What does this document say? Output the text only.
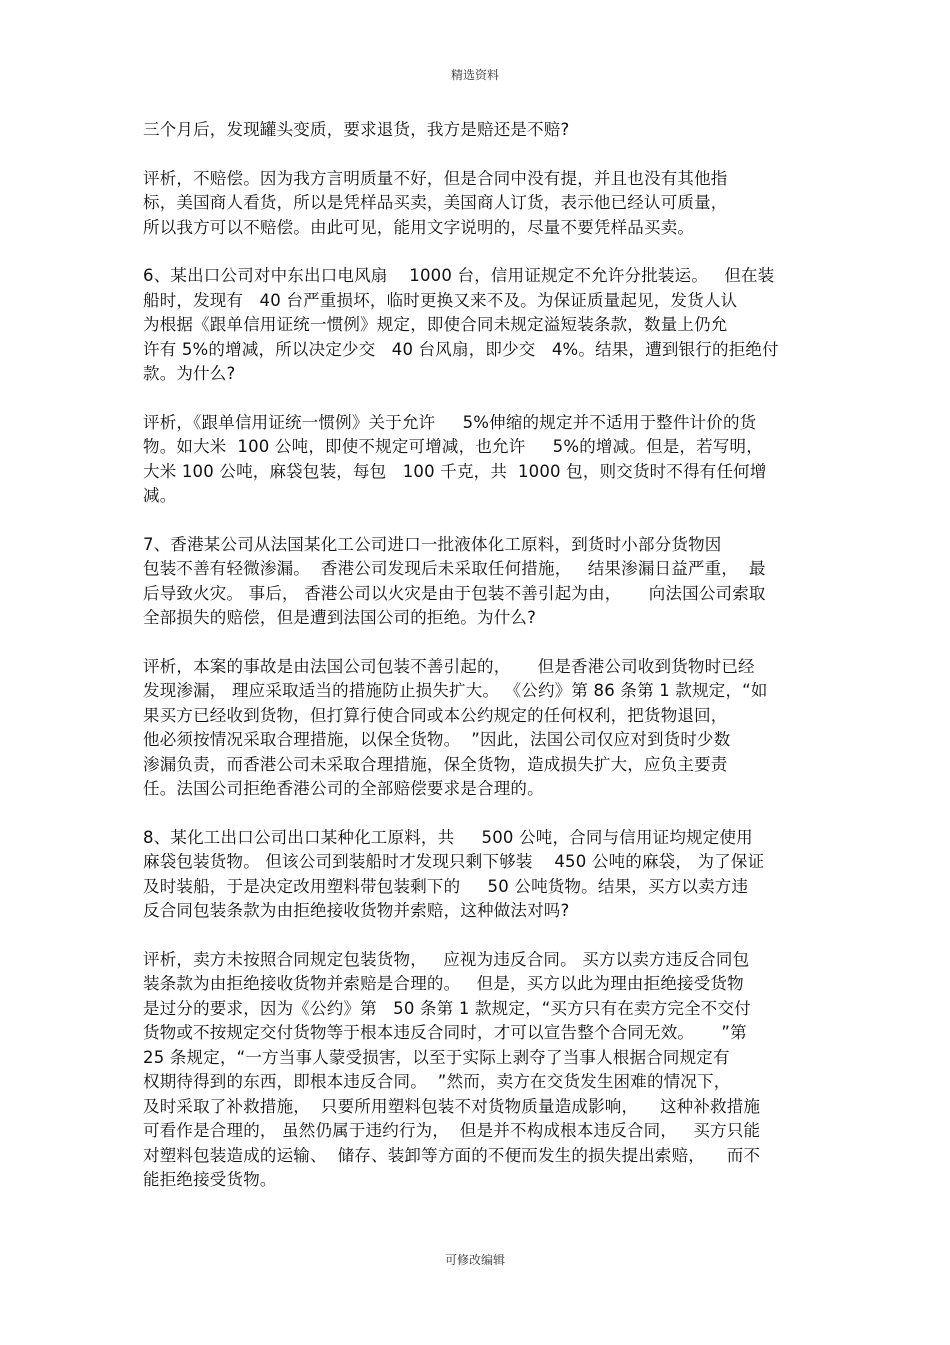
精选资料
三个月后，发现罐头变质，要求退货，我方是赔还是不赔?
评析，不赔偿。因为我方言明质量不好，但是合同中没有提，并且也没有其他指
标，美国商人看货，所以是凭样品买卖，美国商人订货，表示他已经认可质量，
所以我方可以不赔偿。由此可见，能用文字说明的，尽量不要凭样品买卖。
6、某出口公司对中东出口电风扇    1000 台，信用证规定不允许分批装运。   但在装
船时，发现有   40 台严重损坏，临时更换又来不及。为保证质量起见，发货人认
为根据《跟单信用证统一惯例》规定，即使合同未规定溢短装条款，数量上仍允
许有 5%的增减，所以决定少交   40 台风扇，即少交   4%。结果，遭到银行的拒绝付
款。为什么?
评析，《跟单信用证统一惯例》关于允许     5%伸缩的规定并不适用于整件计价的货
物。如大米  100 公吨，即使不规定可增减，也允许     5%的增减。但是，若写明，
大米 100 公吨，麻袋包装，每包   100 千克，共  1000 包，则交货时不得有任何增
减。
7、香港某公司从法国某化工公司进口一批液体化工原料，到货时小部分货物因
包装不善有轻微渗漏。  香港公司发现后未采取任何措施，   结果渗漏日益严重，  最
后导致火灾。 事后， 香港公司以火灾是由于包装不善引起为由，     向法国公司索取
全部损失的赔偿，但是遭到法国公司的拒绝。为什么?
评析，本案的事故是由法国公司包装不善引起的，     但是香港公司收到货物时已经
发现渗漏， 理应采取适当的措施防止损失扩大。 《公约》第 86 条第 1 款规定，“如
果买方已经收到货物，但打算行使合同或本公约规定的任何权利，把货物退回，
他必须按情况采取合理措施，以保全货物。  ”因此，法国公司仅应对到货时少数
渗漏负责，而香港公司未采取合理措施，保全货物，造成损失扩大，应负主要责
任。法国公司拒绝香港公司的全部赔偿要求是合理的。
8、某化工出口公司出口某种化工原料，共     500 公吨，合同与信用证均规定使用
麻袋包装货物。 但该公司到装船时才发现只剩下够装    450 公吨的麻袋， 为了保证
及时装船，于是决定改用塑料带包装剩下的     50 公吨货物。结果，买方以卖方违
反合同包装条款为由拒绝接收货物并索赔，这种做法对吗?
评析，卖方未按照合同规定包装货物，   应视为违反合同。 买方以卖方违反合同包
装条款为由拒绝接收货物并索赔是合理的。   但是，买方以此为理由拒绝接受货物
是过分的要求，因为《公约》第   50 条第 1 款规定，“买方只有在卖方完全不交付
货物或不按规定交付货物等于根本违反合同时，才可以宣告整个合同无效。     ”第
25 条规定，“一方当事人蒙受损害，以至于实际上剥夺了当事人根据合同规定有
权期待得到的东西，即根本违反合同。  ”然而，卖方在交货发生困难的情况下，
及时采取了补救措施，  只要所用塑料包装不对货物质量造成影响，    这种补救措施
可看作是合理的， 虽然仍属于违约行为，  但是并不构成根本违反合同，   买方只能
对塑料包装造成的运输、  储存、装卸等方面的不便而发生的损失提出索赔，    而不
能拒绝接受货物。
可修改编辑
